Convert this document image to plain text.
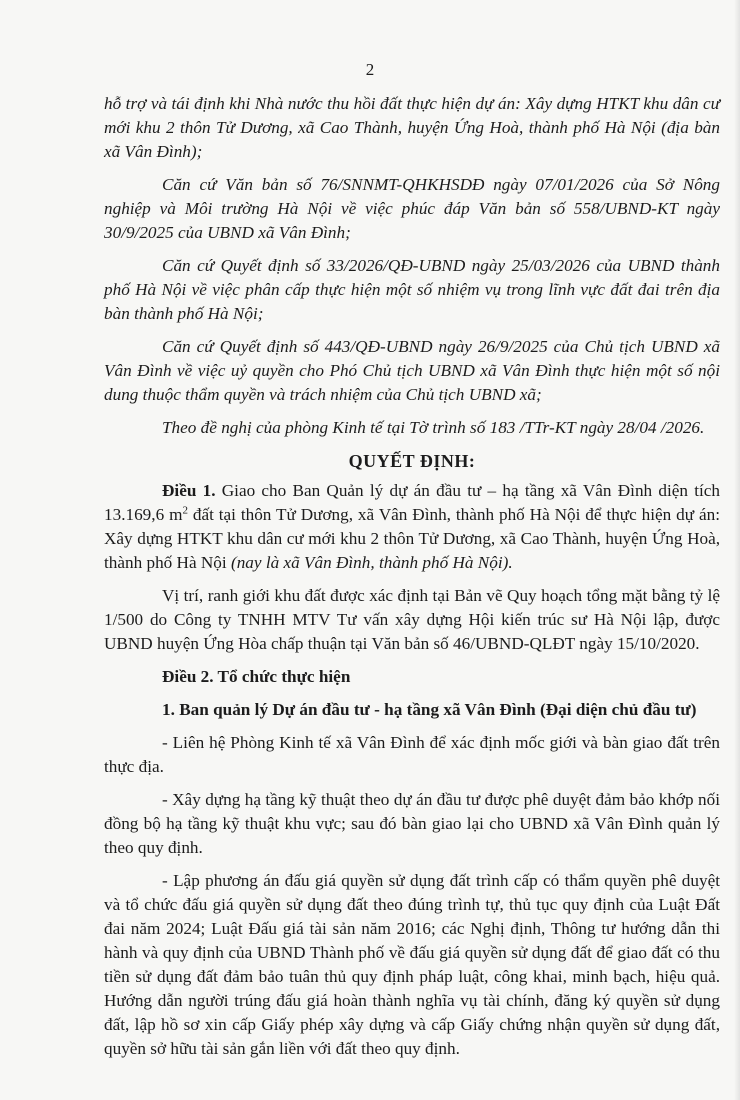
2

hỗ trợ và tái định khi Nhà nước thu hồi đất thực hiện dự án: Xây dựng HTKT khu dân cư mới khu 2 thôn Tử Dương, xã Cao Thành, huyện Ứng Hoà, thành phố Hà Nội (địa bàn xã Vân Đình);

Căn cứ Văn bản số 76/SNNMT-QHKHSDĐ ngày 07/01/2026 của Sở Nông nghiệp và Môi trường Hà Nội về việc phúc đáp Văn bản số 558/UBND-KT ngày 30/9/2025 của UBND xã Vân Đình;

Căn cứ Quyết định số 33/2026/QĐ-UBND ngày 25/03/2026 của UBND thành phố Hà Nội về việc phân cấp thực hiện một số nhiệm vụ trong lĩnh vực đất đai trên địa bàn thành phố Hà Nội;

Căn cứ Quyết định số 443/QĐ-UBND ngày 26/9/2025 của Chủ tịch UBND xã Vân Đình về việc uỷ quyền cho Phó Chủ tịch UBND xã Vân Đình thực hiện một số nội dung thuộc thẩm quyền và trách nhiệm của Chủ tịch UBND xã;

Theo đề nghị của phòng Kinh tế tại Tờ trình số 183 /TTr-KT ngày 28/04 /2026.

QUYẾT ĐỊNH:

Điều 1. Giao cho Ban Quản lý dự án đầu tư – hạ tầng xã Vân Đình diện tích 13.169,6 $m^2$ đất tại thôn Tử Dương, xã Vân Đình, thành phố Hà Nội để thực hiện dự án: Xây dựng HTKT khu dân cư mới khu 2 thôn Tử Dương, xã Cao Thành, huyện Ứng Hoà, thành phố Hà Nội (nay là xã Vân Đình, thành phố Hà Nội).

Vị trí, ranh giới khu đất được xác định tại Bản vẽ Quy hoạch tổng mặt bằng tỷ lệ 1/500 do Công ty TNHH MTV Tư vấn xây dựng Hội kiến trúc sư Hà Nội lập, được UBND huyện Ứng Hòa chấp thuận tại Văn bản số 46/UBND-QLĐT ngày 15/10/2020.

Điều 2. Tổ chức thực hiện

1. Ban quản lý Dự án đầu tư - hạ tầng xã Vân Đình (Đại diện chủ đầu tư)

- Liên hệ Phòng Kinh tế xã Vân Đình để xác định mốc giới và bàn giao đất trên thực địa.

- Xây dựng hạ tầng kỹ thuật theo dự án đầu tư được phê duyệt đảm bảo khớp nối đồng bộ hạ tầng kỹ thuật khu vực; sau đó bàn giao lại cho UBND xã Vân Đình quản lý theo quy định.

- Lập phương án đấu giá quyền sử dụng đất trình cấp có thẩm quyền phê duyệt và tổ chức đấu giá quyền sử dụng đất theo đúng trình tự, thủ tục quy định của Luật Đất đai năm 2024; Luật Đấu giá tài sản năm 2016; các Nghị định, Thông tư hướng dẫn thi hành và quy định của UBND Thành phố về đấu giá quyền sử dụng đất để giao đất có thu tiền sử dụng đất đảm bảo tuân thủ quy định pháp luật, công khai, minh bạch, hiệu quả. Hướng dẫn người trúng đấu giá hoàn thành nghĩa vụ tài chính, đăng ký quyền sử dụng đất, lập hồ sơ xin cấp Giấy phép xây dựng và cấp Giấy chứng nhận quyền sử dụng đất, quyền sở hữu tài sản gắn liền với đất theo quy định.
